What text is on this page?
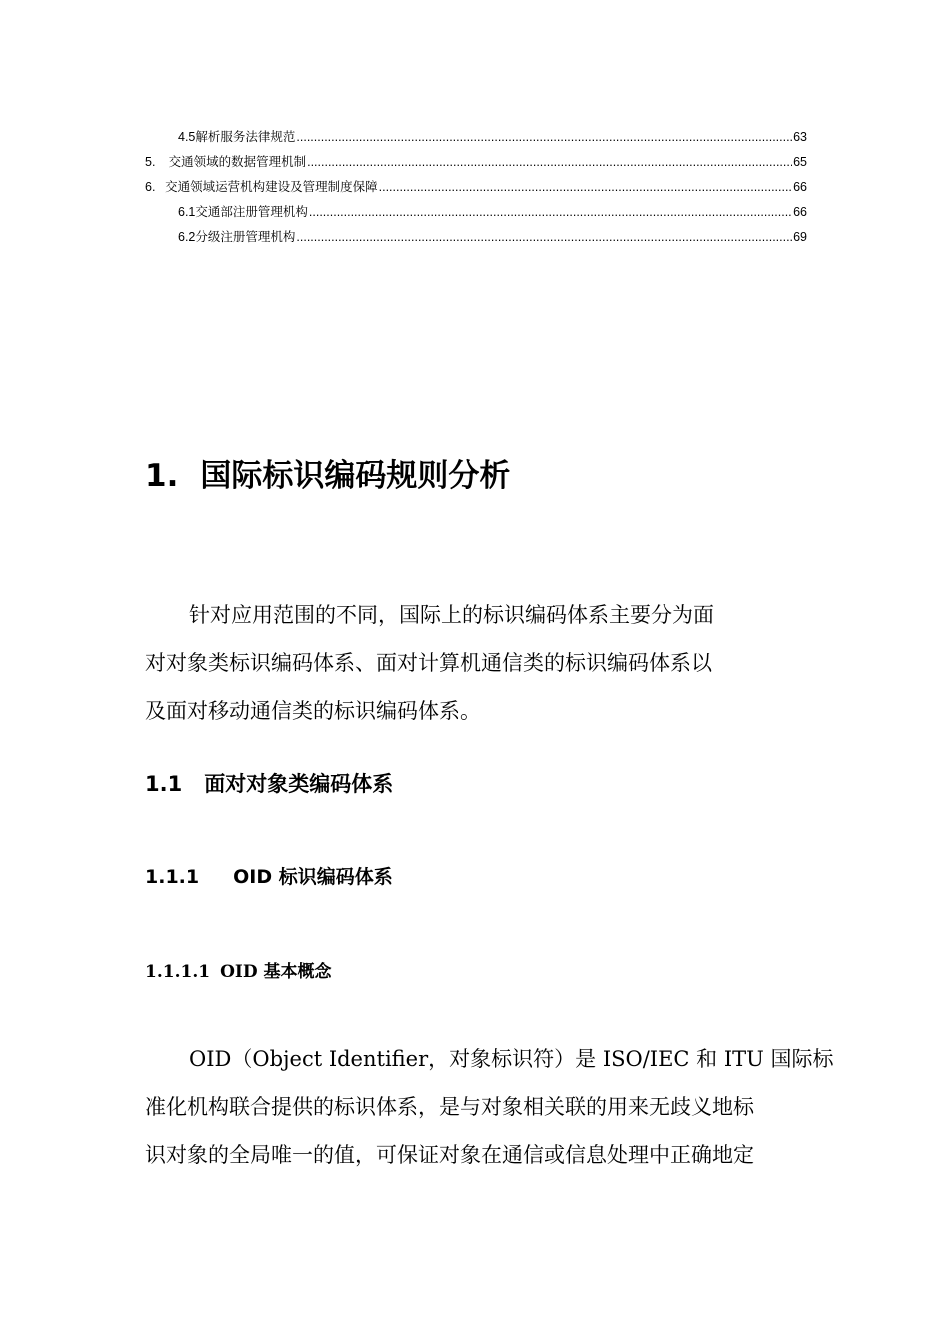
4.5 解析服务法律规范 .....	63
5.	交通领域的数据管理机制 .....	65
6. 交通领域运营机构建设及管理制度保障 .....	66
6.1 交通部注册管理机构 .....	66
6.2 分级注册管理机构 .....	69
1. 国际标识编码规则分析
针对应用范围的不同，国际上的标识编码体系主要分为面
对对象类标识编码体系、面对计算机通信类的标识编码体系以
及面对移动通信类的标识编码体系。
1.1 面对对象类编码体系
1.1.1 OID 标识编码体系
1.1.1.1 OID 基本概念
OID（Object Identifier，对象标识符）是 ISO/IEC 和 ITU 国际标
准化机构联合提供的标识体系，是与对象相关联的用来无歧义地标
识对象的全局唯一的值，可保证对象在通信或信息处理中正确地定
